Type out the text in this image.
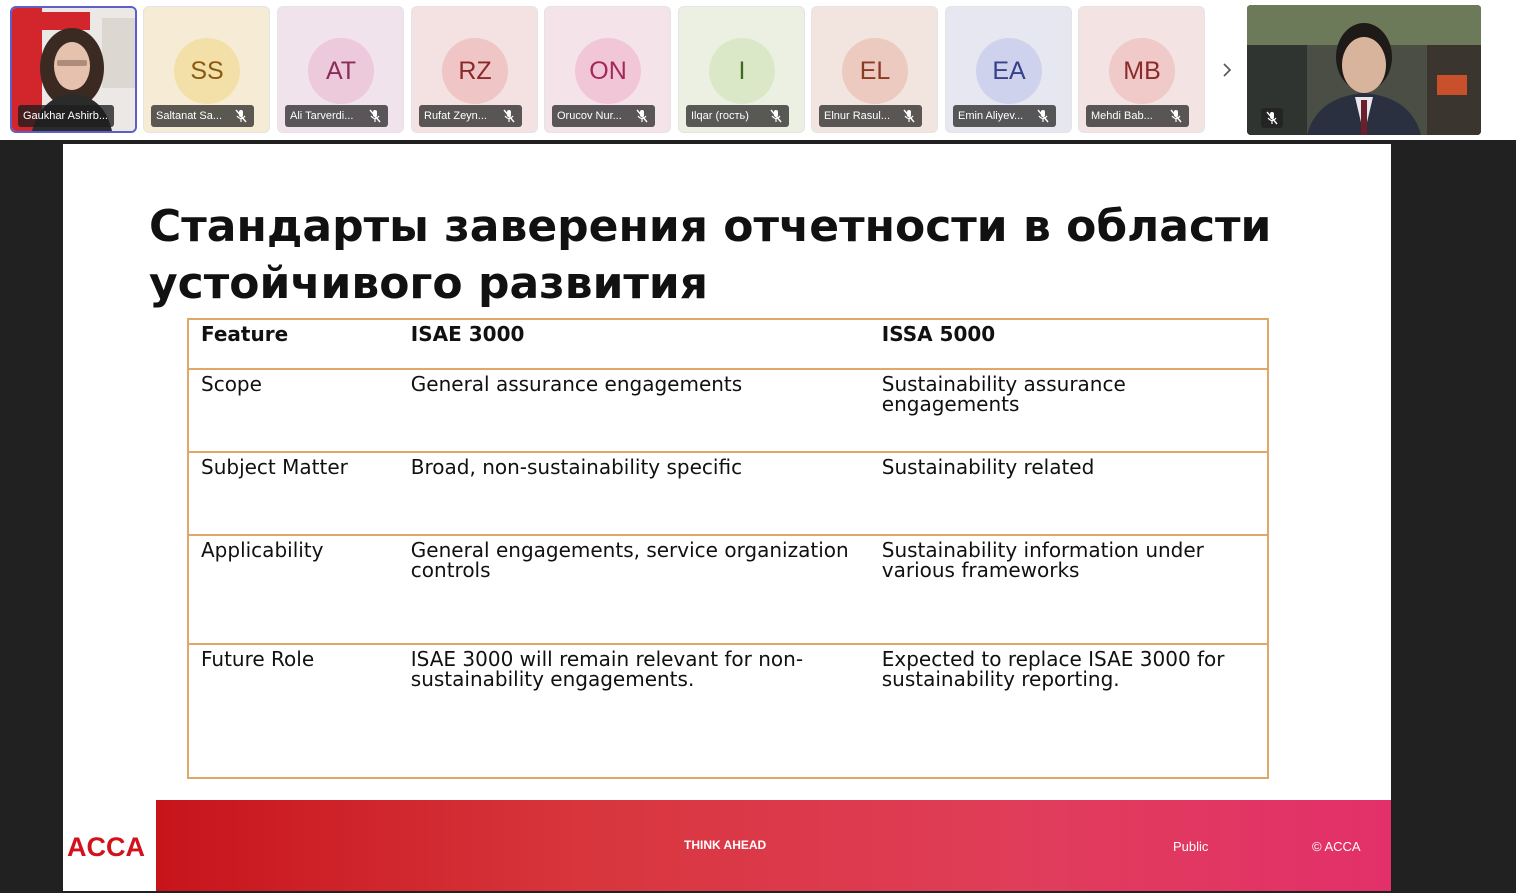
Gaukhar Ashirb...
SS
Saltanat Sa...
AT
Ali Tarverdi...
RZ
Rufat Zeyn...
ON
Orucov Nur...
I
Ilqar (гость)
EL
Elnur Rasul...
EA
Emin Aliyev...
MB
Mehdi Bab...
Стандарты заверения отчетности в области устойчивого развития
Feature	ISAE 3000	ISSA 5000
Scope	General assurance engagements	Sustainability assurance engagements
Subject Matter	Broad, non-sustainability specific	Sustainability related
Applicability	General engagements, service organization controls	Sustainability information under various frameworks
Future Role	ISAE 3000 will remain relevant for non-sustainability engagements.	Expected to replace ISAE 3000 for sustainability reporting.
ACCA	THINK AHEAD	Public	© ACCA
